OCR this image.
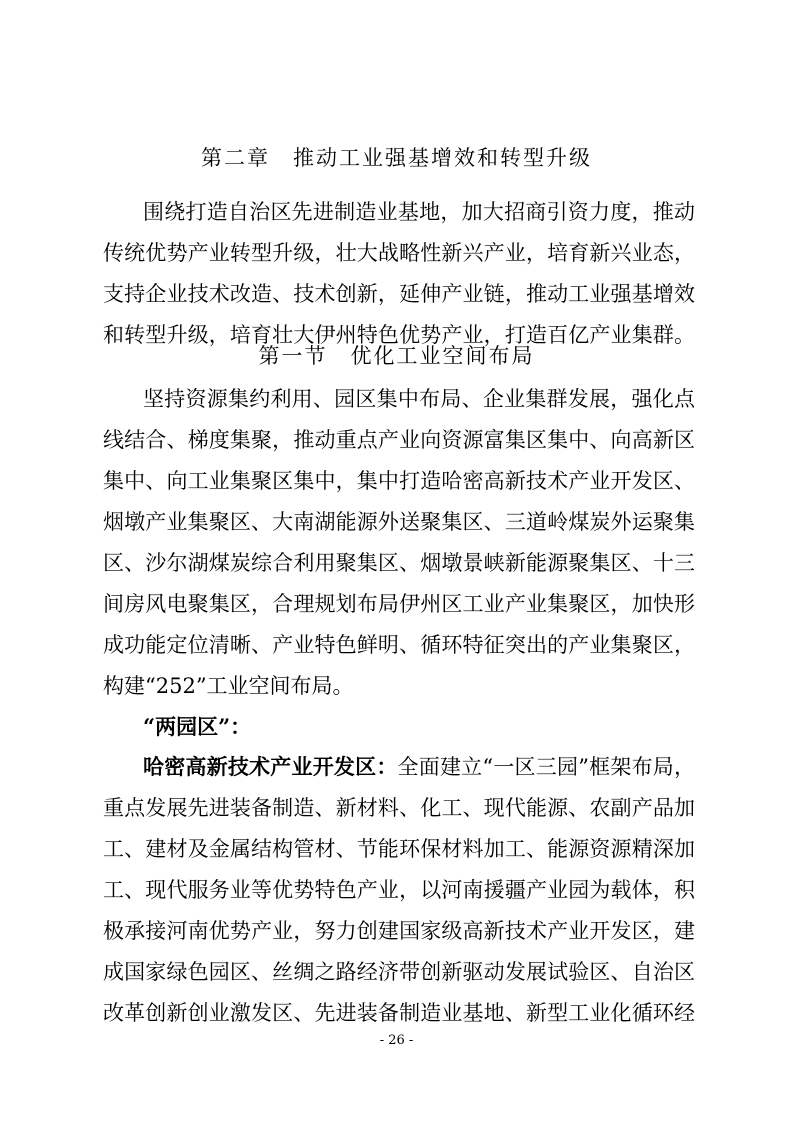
第二章　推动工业强基增效和转型升级
围绕打造自治区先进制造业基地，加大招商引资力度，推动
传统优势产业转型升级，壮大战略性新兴产业，培育新兴业态，
支持企业技术改造、技术创新，延伸产业链，推动工业强基增效
和转型升级，培育壮大伊州特色优势产业，打造百亿产业集群。
第一节　优化工业空间布局
坚持资源集约利用、园区集中布局、企业集群发展，强化点
线结合、梯度集聚，推动重点产业向资源富集区集中、向高新区
集中、向工业集聚区集中，集中打造哈密高新技术产业开发区、
烟墩产业集聚区、大南湖能源外送聚集区、三道岭煤炭外运聚集
区、沙尔湖煤炭综合利用聚集区、烟墩景峡新能源聚集区、十三
间房风电聚集区，合理规划布局伊州区工业产业集聚区，加快形
成功能定位清晰、产业特色鲜明、循环特征突出的产业集聚区，
构建“252”工业空间布局。
“两园区”：
哈密高新技术产业开发区：全面建立“一区三园”框架布局，
重点发展先进装备制造、新材料、化工、现代能源、农副产品加
工、建材及金属结构管材、节能环保材料加工、能源资源精深加
工、现代服务业等优势特色产业，以河南援疆产业园为载体，积
极承接河南优势产业，努力创建国家级高新技术产业开发区，建
成国家绿色园区、丝绸之路经济带创新驱动发展试验区、自治区
改革创新创业激发区、先进装备制造业基地、新型工业化循环经
- 26 -
